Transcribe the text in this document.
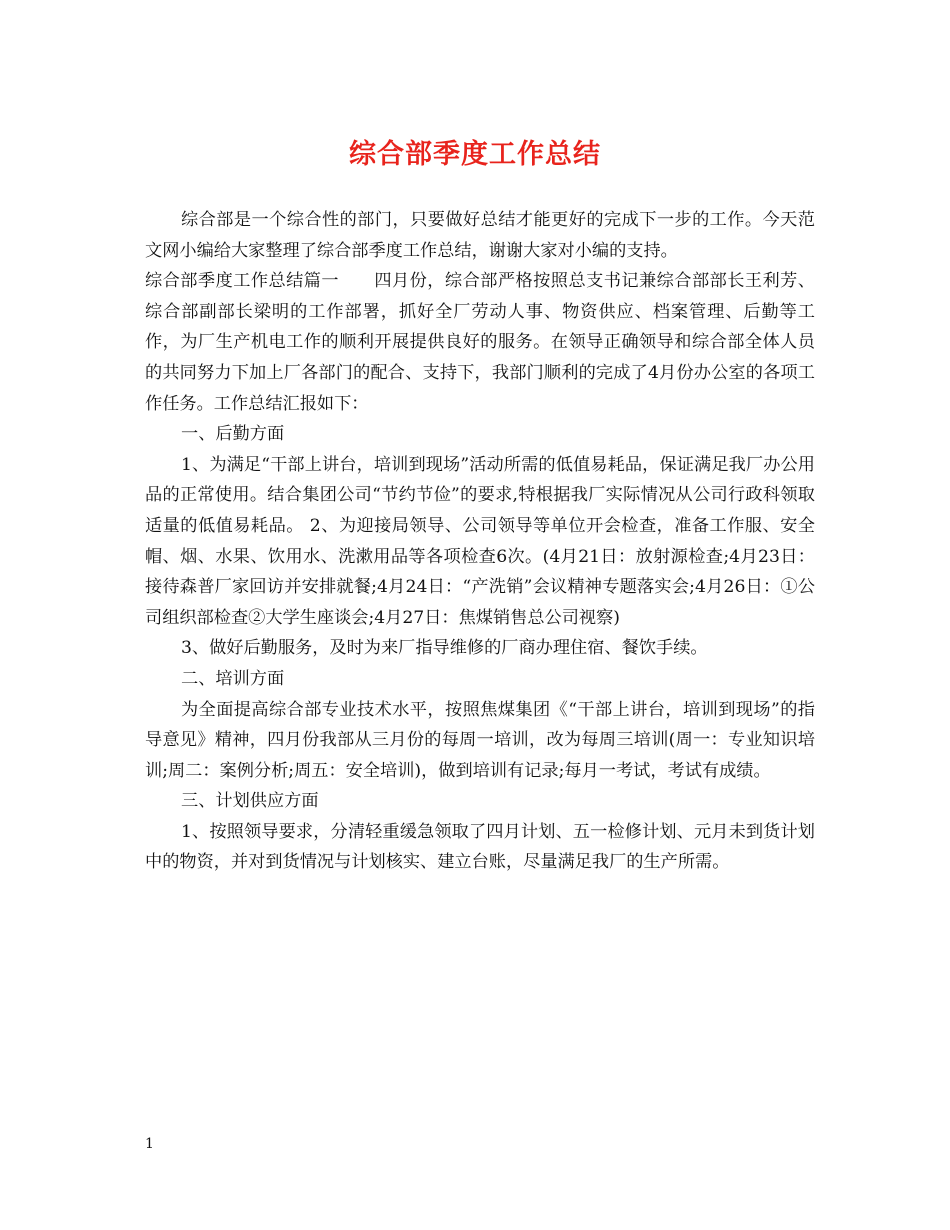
综合部季度工作总结

综合部是一个综合性的部门，只要做好总结才能更好的完成下一步的工作。今天范文网小编给大家整理了综合部季度工作总结，谢谢大家对小编的支持。

综合部季度工作总结篇一　　四月份，综合部严格按照总支书记兼综合部部长王利芳、综合部副部长梁明的工作部署，抓好全厂劳动人事、物资供应、档案管理、后勤等工作，为厂生产机电工作的顺利开展提供良好的服务。在领导正确领导和综合部全体人员的共同努力下加上厂各部门的配合、支持下，我部门顺利的完成了4月份办公室的各项工作任务。工作总结汇报如下：

一、后勤方面

1、为满足“干部上讲台，培训到现场”活动所需的低值易耗品，保证满足我厂办公用品的正常使用。结合集团公司“节约节俭”的要求,特根据我厂实际情况从公司行政科领取适量的低值易耗品。 2、为迎接局领导、公司领导等单位开会检查，准备工作服、安全帽、烟、水果、饮用水、洗漱用品等各项检查6次。(4月21日：放射源检查;4月23日：接待森普厂家回访并安排就餐;4月24日：“产洗销”会议精神专题落实会;4月26日：①公司组织部检查②大学生座谈会;4月27日：焦煤销售总公司视察)

3、做好后勤服务，及时为来厂指导维修的厂商办理住宿、餐饮手续。

二、培训方面

为全面提高综合部专业技术水平，按照焦煤集团《“干部上讲台，培训到现场”的指导意见》精神，四月份我部从三月份的每周一培训，改为每周三培训(周一：专业知识培训;周二：案例分析;周五：安全培训)，做到培训有记录;每月一考试，考试有成绩。

三、计划供应方面

1、按照领导要求，分清轻重缓急领取了四月计划、五一检修计划、元月未到货计划中的物资，并对到货情况与计划核实、建立台账，尽量满足我厂的生产所需。

1
